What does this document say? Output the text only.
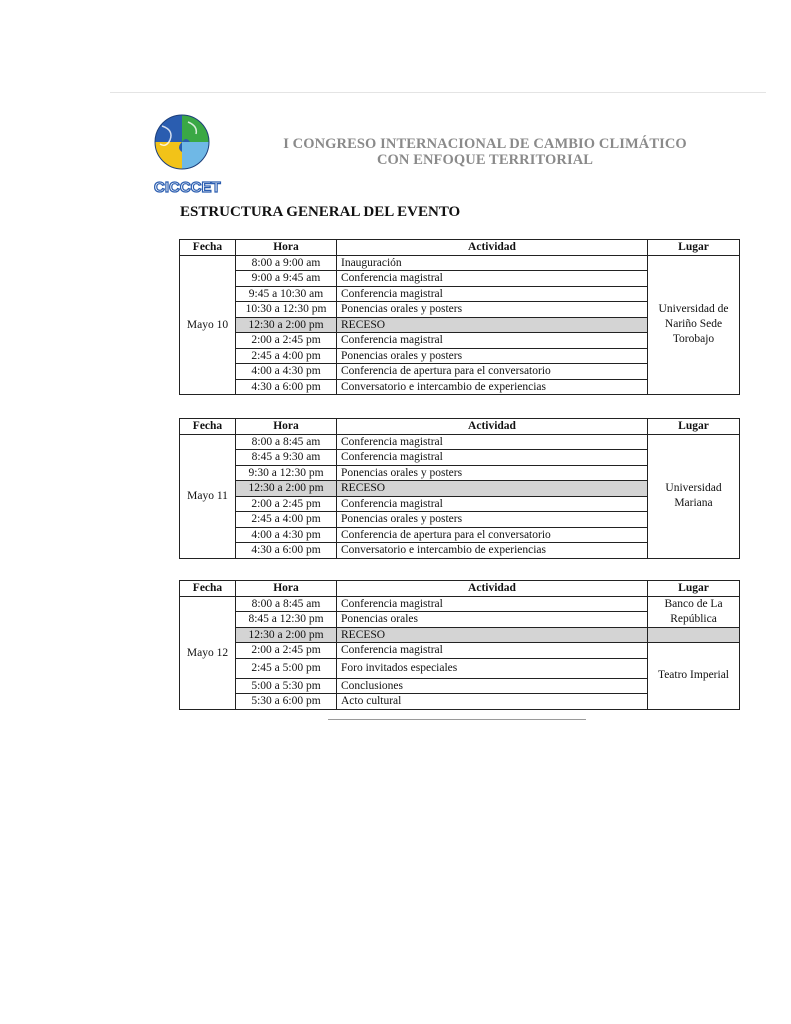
CICCCET
I CONGRESO INTERNACIONAL DE CAMBIO CLIMÁTICO
CON ENFOQUE TERRITORIAL
ESTRUCTURA GENERAL DEL EVENTO
Fecha	Hora	Actividad	Lugar
Mayo 10	8:00 a 9:00 am	Inauguración	Universidad de Nariño Sede Torobajo
	9:00 a 9:45 am	Conferencia magistral	
	9:45 a 10:30 am	Conferencia magistral	
	10:30 a 12:30 pm	Ponencias orales y posters	
	12:30 a 2:00 pm	RECESO	
	2:00 a 2:45 pm	Conferencia magistral	
	2:45 a 4:00 pm	Ponencias orales y posters	
	4:00 a 4:30 pm	Conferencia de apertura para el conversatorio	
	4:30 a 6:00 pm	Conversatorio e intercambio de experiencias	
Fecha	Hora	Actividad	Lugar
Mayo 11	8:00 a 8:45 am	Conferencia magistral	Universidad Mariana
	8:45 a 9:30 am	Conferencia magistral	
	9:30 a 12:30 pm	Ponencias orales y posters	
	12:30 a 2:00 pm	RECESO	
	2:00 a 2:45 pm	Conferencia magistral	
	2:45 a 4:00 pm	Ponencias orales y posters	
	4:00 a 4:30 pm	Conferencia de apertura para el conversatorio	
	4:30 a 6:00 pm	Conversatorio e intercambio de experiencias	
Fecha	Hora	Actividad	Lugar
Mayo 12	8:00 a 8:45 am	Conferencia magistral	Banco de La República
	8:45 a 12:30 pm	Ponencias orales	
	12:30 a 2:00 pm	RECESO	
	2:00 a 2:45 pm	Conferencia magistral	Teatro Imperial
	2:45 a 5:00 pm	Foro invitados especiales	
	5:00 a 5:30 pm	Conclusiones	
	5:30 a 6:00 pm	Acto cultural	
